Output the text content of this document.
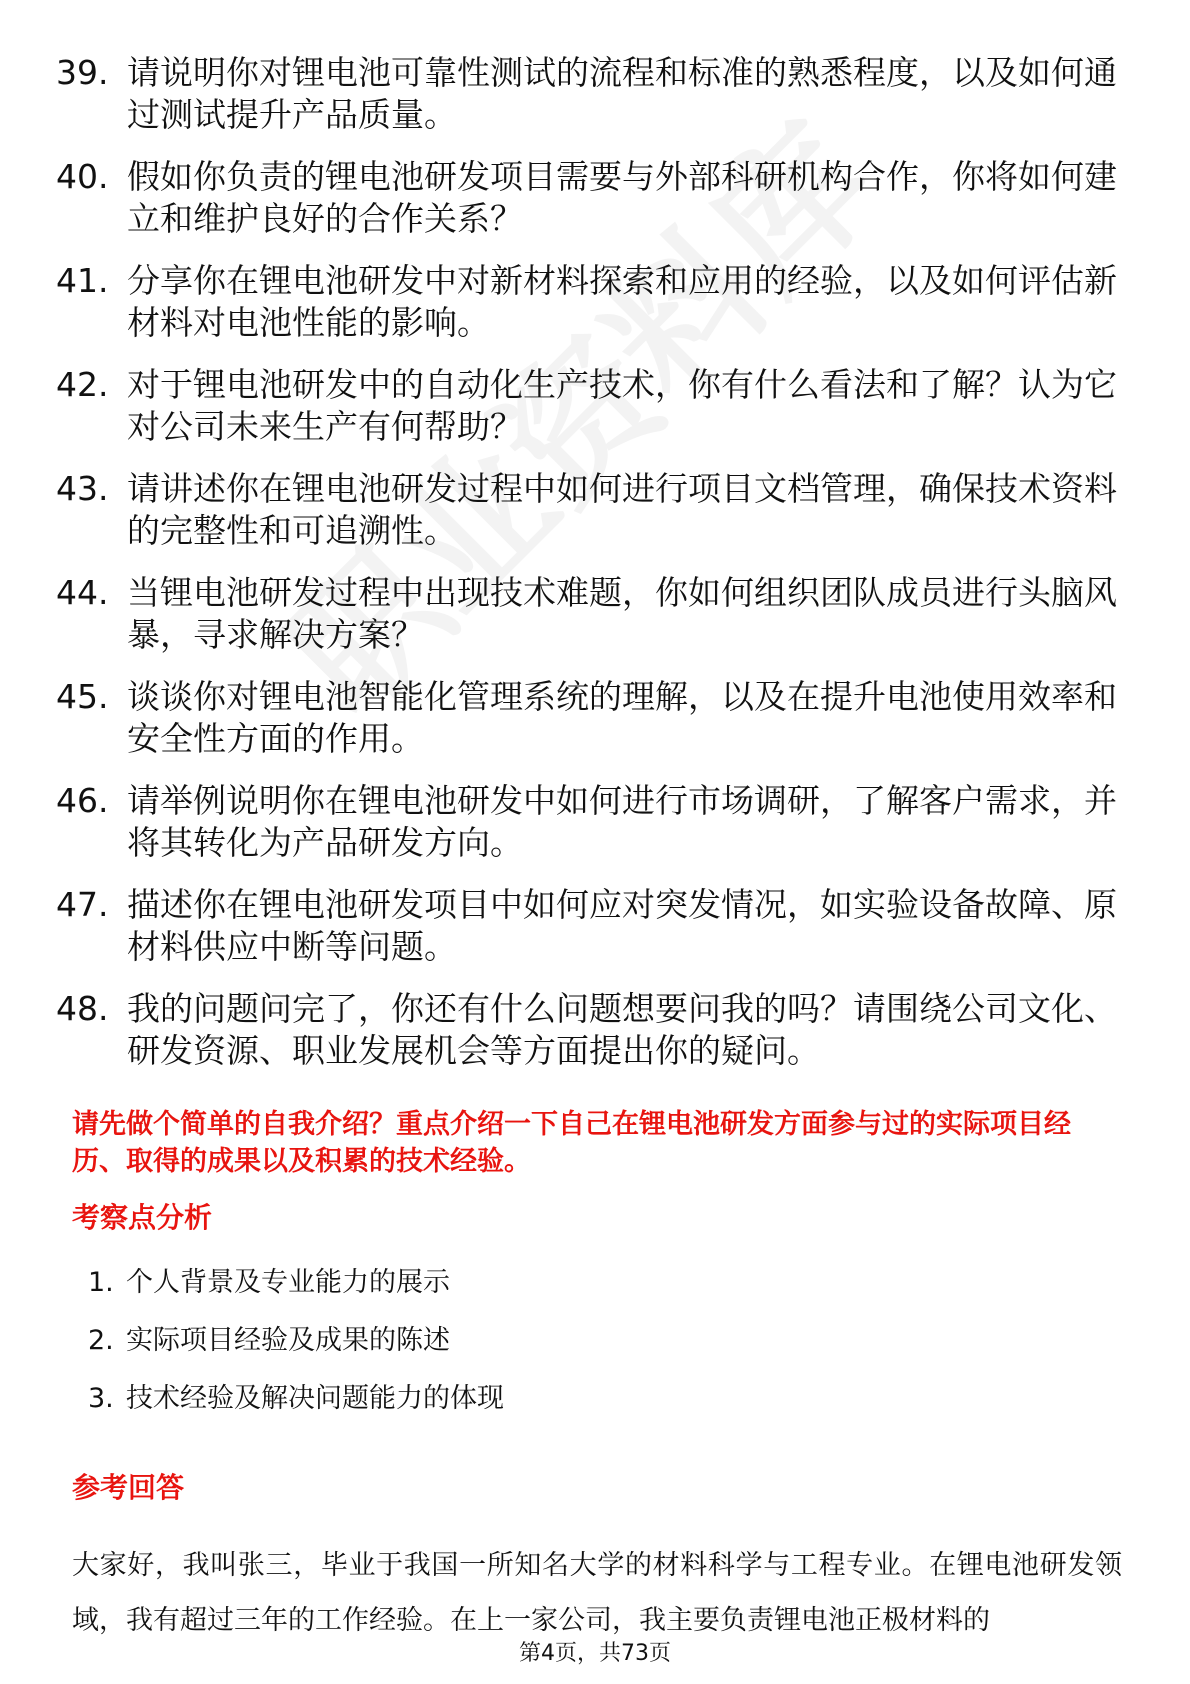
39. 请说明你对锂电池可靠性测试的流程和标准的熟悉程度，以及如何通过测试提升产品质量。
40. 假如你负责的锂电池研发项目需要与外部科研机构合作，你将如何建立和维护良好的合作关系？
41. 分享你在锂电池研发中对新材料探索和应用的经验，以及如何评估新材料对电池性能的影响。
42. 对于锂电池研发中的自动化生产技术，你有什么看法和了解？认为它对公司未来生产有何帮助？
43. 请讲述你在锂电池研发过程中如何进行项目文档管理，确保技术资料的完整性和可追溯性。
44. 当锂电池研发过程中出现技术难题，你如何组织团队成员进行头脑风暴，寻求解决方案？
45. 谈谈你对锂电池智能化管理系统的理解，以及在提升电池使用效率和安全性方面的作用。
46. 请举例说明你在锂电池研发中如何进行市场调研，了解客户需求，并将其转化为产品研发方向。
47. 描述你在锂电池研发项目中如何应对突发情况，如实验设备故障、原材料供应中断等问题。
48. 我的问题问完了，你还有什么问题想要问我的吗？请围绕公司文化、研发资源、职业发展机会等方面提出你的疑问。
请先做个简单的自我介绍？重点介绍一下自己在锂电池研发方面参与过的实际项目经历、取得的成果以及积累的技术经验。
考察点分析
1. 个人背景及专业能力的展示
2. 实际项目经验及成果的陈述
3. 技术经验及解决问题能力的体现
参考回答
大家好，我叫张三，毕业于我国一所知名大学的材料科学与工程专业。在锂电池研发领域，我有超过三年的工作经验。在上一家公司，我主要负责锂电池正极材料的
第4页，共73页
